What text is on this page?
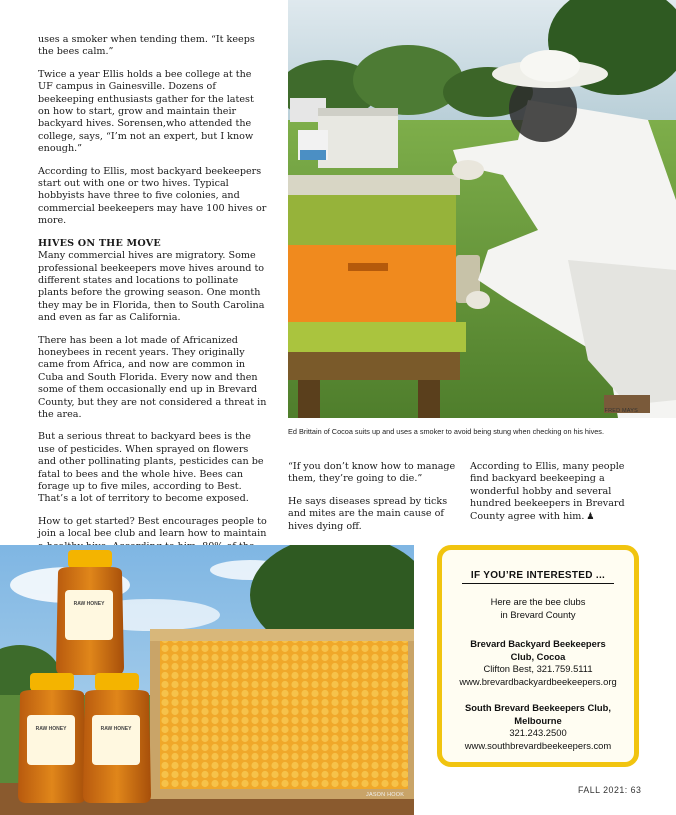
uses a smoker when tending them. “It keeps the bees calm.”

Twice a year Ellis holds a bee college at the UF campus in Gainesville. Dozens of beekeeping enthusiasts gather for the latest on how to start, grow and maintain their backyard hives. Sorensen,who attended the college, says, “I’m not an expert, but I know enough.”

According to Ellis, most backyard beekeepers start out with one or two hives. Typical hobbyists have three to five colonies, and commercial beekeepers may have 100 hives or more.

HIVES ON THE MOVE

Many commercial hives are migratory. Some professional beekeepers move hives around to different states and locations to pollinate plants before the growing season. One month they may be in Florida, then to South Carolina and even as far as California.

There has been a lot made of Africanized honeybees in recent years. They originally came from Africa, and now are common in Cuba and South Florida. Every now and then some of them occasionally end up in Brevard County, but they are not considered a threat in the area.

But a serious threat to backyard bees is the use of pesticides. When sprayed on flowers and other pollinating plants, pesticides can be fatal to bees and the whole hive. Bees can forage up to five miles, according to Best. That’s a lot of territory to become exposed.

How to get started? Best encourages people to join a local bee club and learn how to maintain

FRED MAYS
Ed Brittain of Cocoa suits up and uses a smoker to avoid being stung when checking on his hives.

“If you don’t know how to manage them, they’re going to die.”

He says diseases spread by ticks and mites are the main cause of hives dying off.

According to Ellis, many people find backyard beekeeping a wonderful hobby and several hundred beekeepers in Brevard County agree with him. ♟

RAW HONEY
RAW HONEY	RAW HONEY
JASON HOOK
IF YOU’RE INTERESTED ...
Here are the bee clubs
in Brevard County
Brevard Backyard Beekeepers
Club, Cocoa
Clifton Best, 321.759.5111
www.brevardbackyardbeekeepers.org
South Brevard Beekeepers Club,
Melbourne
321.243.2500
www.southbrevardbeekeepers.com
FALL 2021: 63
